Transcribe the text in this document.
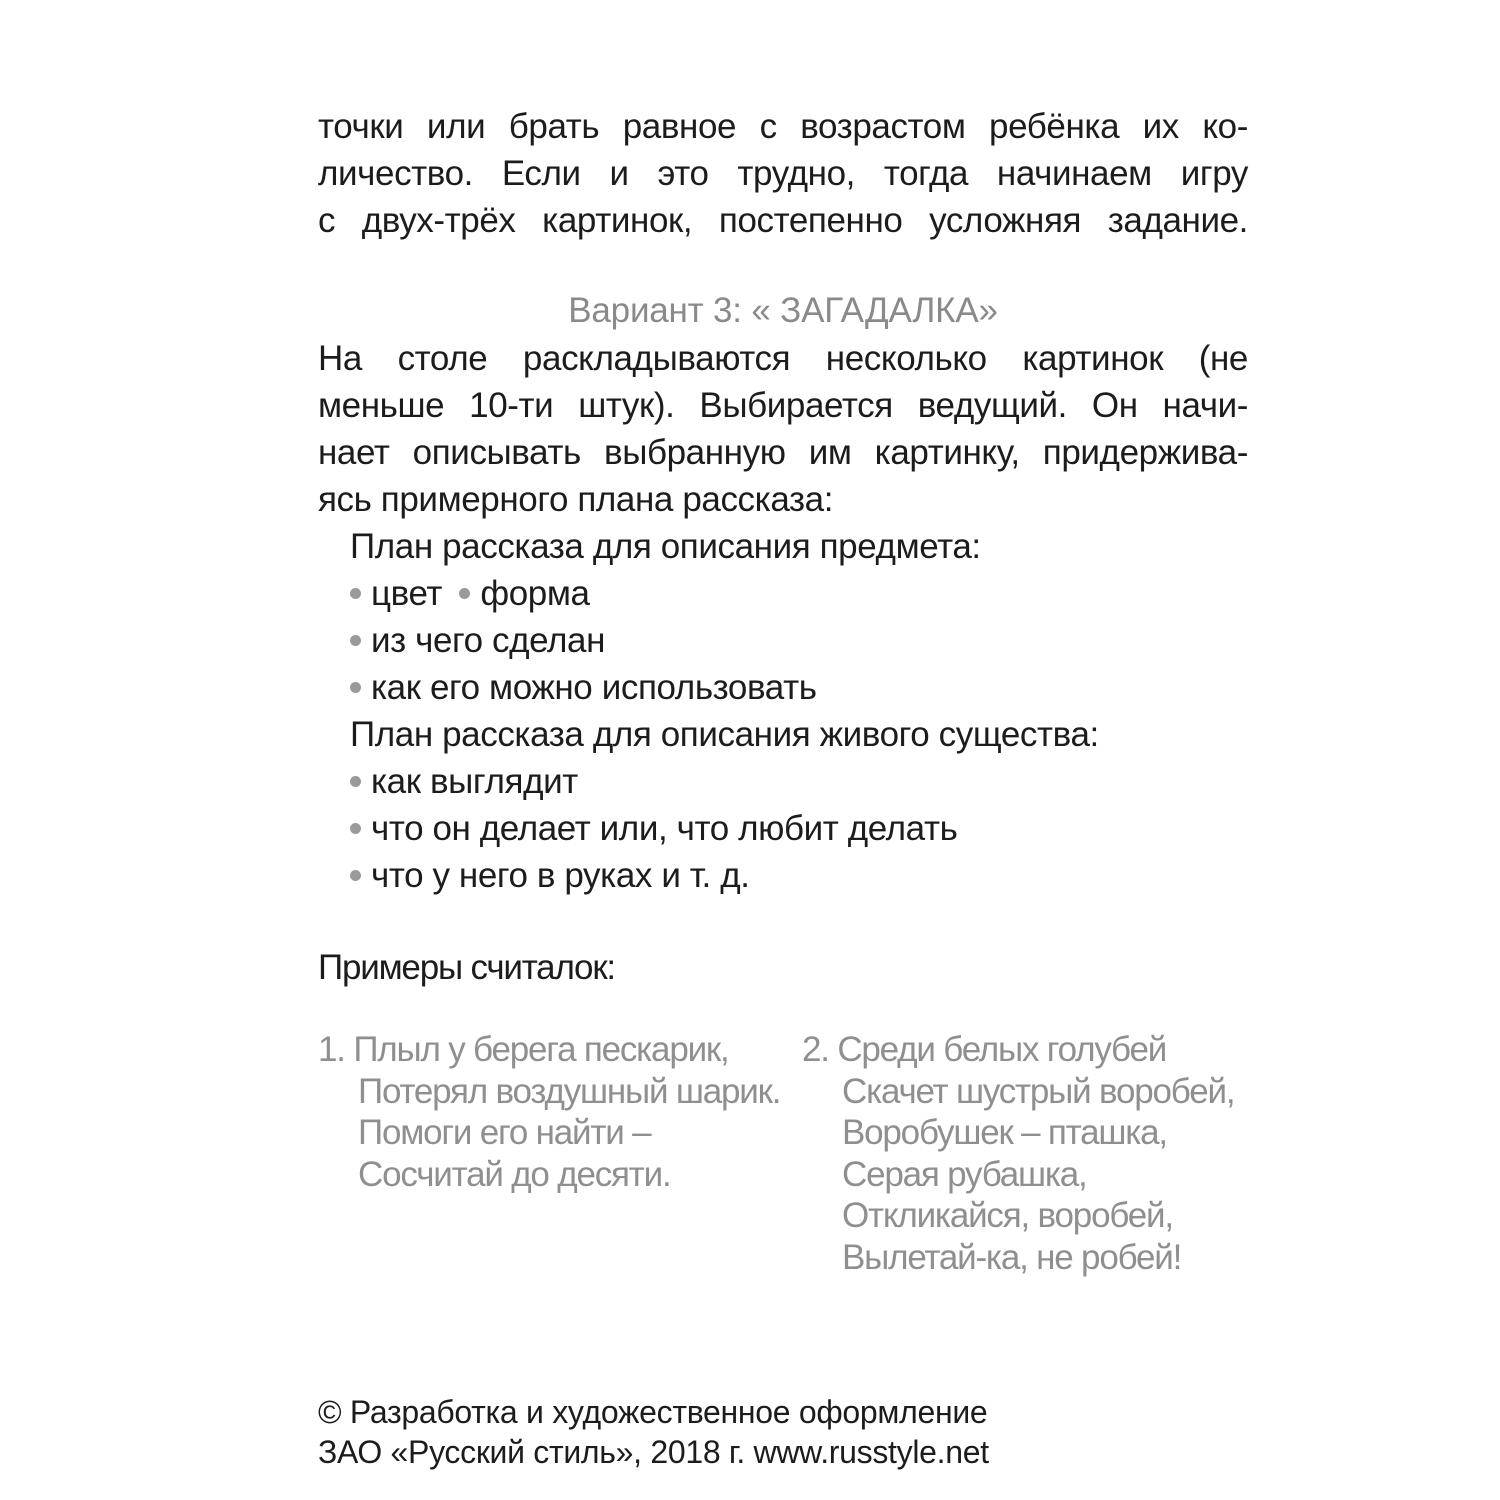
точки или брать равное с возрастом ребёнка их ко-
личество. Если и это трудно, тогда начинаем игру
с двух-трёх картинок, постепенно усложняя задание.
Вариант 3: « ЗАГАДАЛКА»
На столе раскладываются несколько картинок (не
меньше 10-ти штук). Выбирается ведущий. Он начи-
нает описывать выбранную им картинку, придержива-
ясь примерного плана рассказа:
План рассказа для описания предмета:
цвет форма
из чего сделан
как его можно использовать
План рассказа для описания живого существа:
как выглядит
что он делает или, что любит делать
что у него в руках и т. д.
Примеры считалок:
1. Плыл у берега пескарик,
Потерял воздушный шарик.
Помоги его найти –
Сосчитай до десяти.
2. Среди белых голубей
Скачет шустрый воробей,
Воробушек – пташка,
Серая рубашка,
Откликайся, воробей,
Вылетай-ка, не робей!
© Разработка и художественное оформление
ЗАО «Русский стиль», 2018 г. www.russtyle.net
